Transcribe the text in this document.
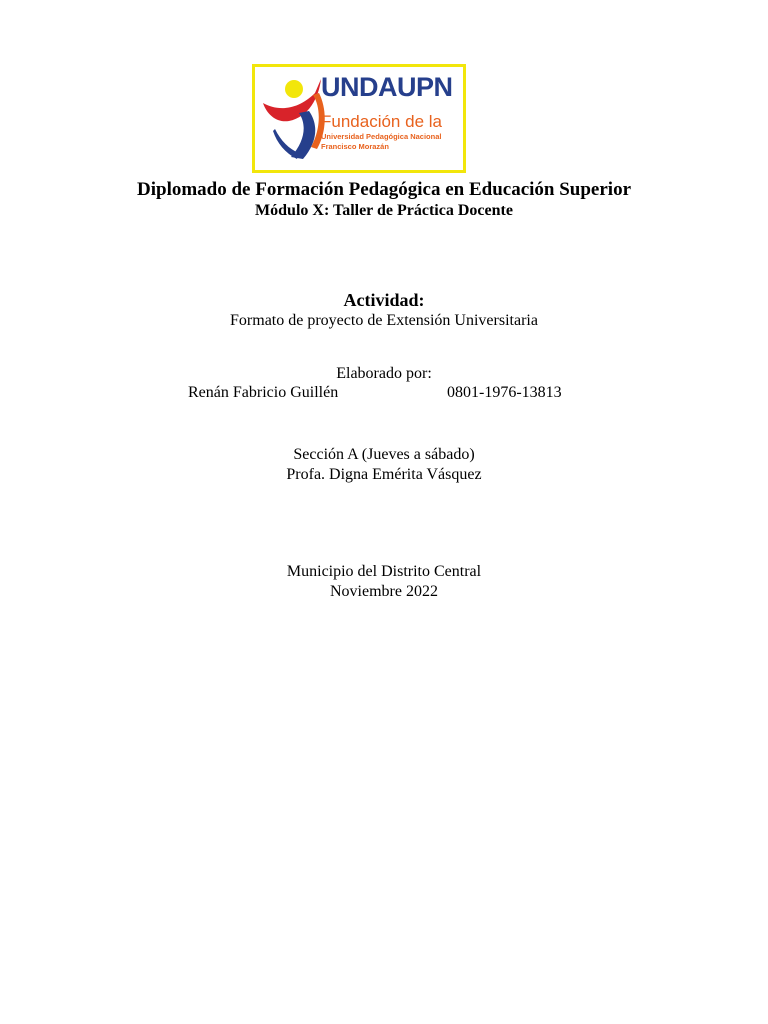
UNDAUPN
Fundación de la
Universidad Pedagógica Nacional
Francisco Morazán
Diplomado de Formación Pedagógica en Educación Superior
Módulo X: Taller de Práctica Docente
Actividad:
Formato de proyecto de Extensión Universitaria
Elaborado por:
Renán Fabricio Guillén	0801-1976-13813
Sección A (Jueves a sábado)
Profa. Digna Emérita Vásquez
Municipio del Distrito Central
Noviembre 2022
